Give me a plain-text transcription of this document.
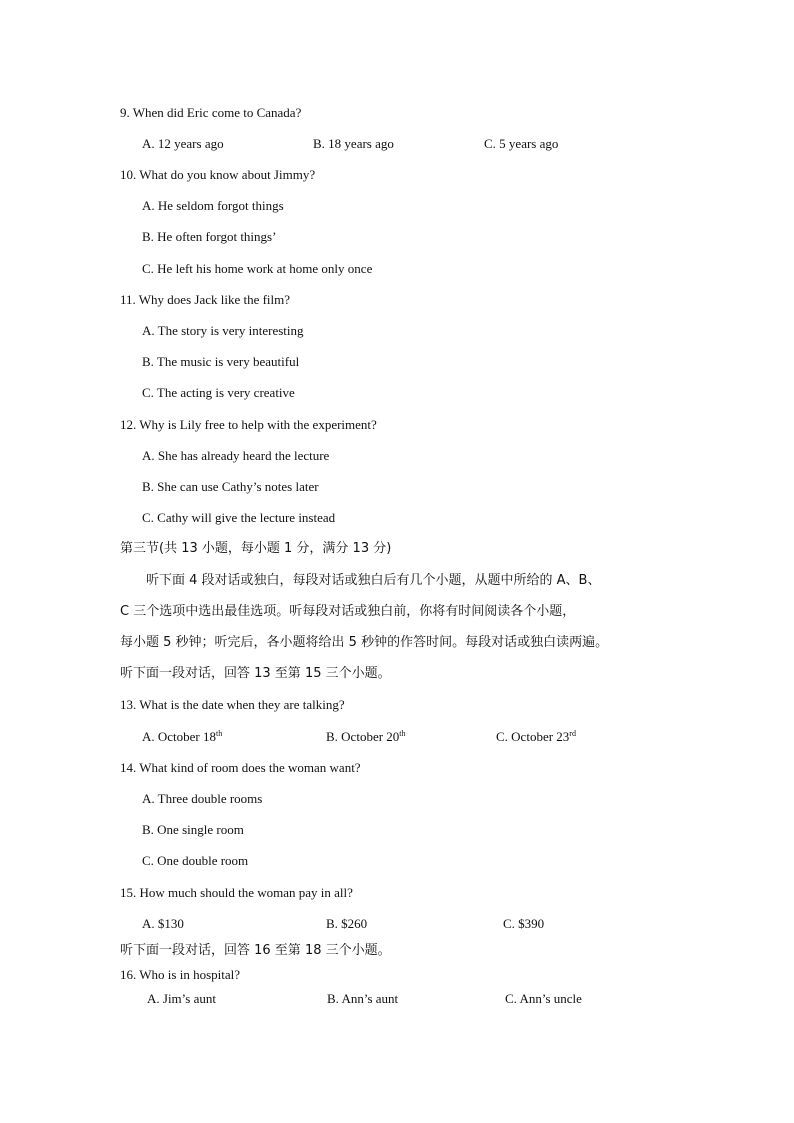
9. When did Eric come to Canada?
A. 12 years ago	B. 18 years ago	C. 5 years ago
10. What do you know about Jimmy?
A. He seldom forgot things
B. He often forgot things’
C. He left his home work at home only once
11. Why does Jack like the film?
A. The story is very interesting
B. The music is very beautiful
C. The acting is very creative
12. Why is Lily free to help with the experiment?
A. She has already heard the lecture
B. She can use Cathy’s notes later
C. Cathy will give the lecture instead
第三节(共 13 小题，每小题 1 分，满分 13 分)
听下面 4 段对话或独白，每段对话或独白后有几个小题，从题中所给的 A、B、
C 三个选项中选出最佳选项。听每段对话或独白前，你将有时间阅读各个小题，
每小题 5 秒钟；听完后，各小题将给出 5 秒钟的作答时间。每段对话或独白读两遍。
听下面一段对话，回答 13 至第 15 三个小题。
13. What is the date when they are talking?
A. October 18th	B. October 20th	C. October 23rd
14. What kind of room does the woman want?
A. Three double rooms
B. One single room
C. One double room
15. How much should the woman pay in all?
A. $130	B. $260	C. $390
听下面一段对话，回答 16 至第 18 三个小题。
16. Who is in hospital?
A. Jim’s aunt	B. Ann’s aunt	C. Ann’s uncle
